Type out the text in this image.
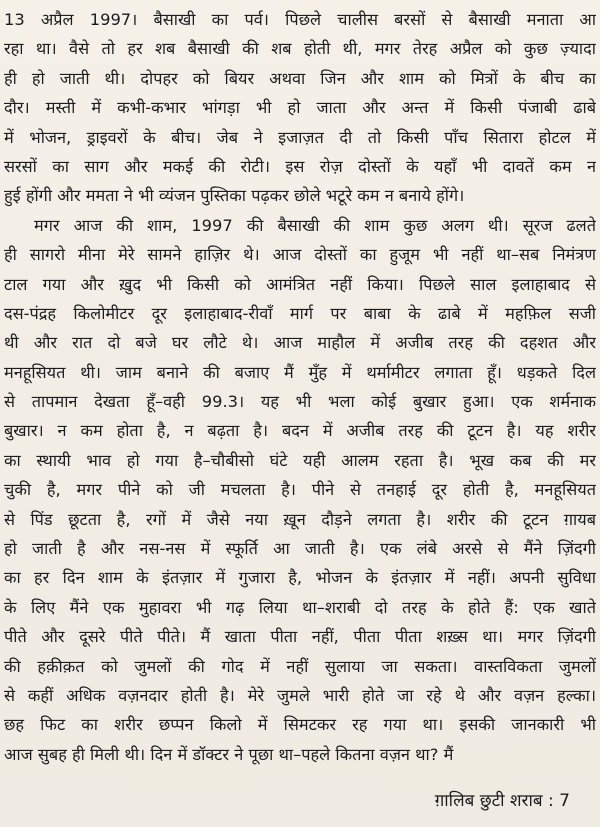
13 अप्रैल 1997। बैसाखी का पर्व। पिछले चालीस बरसों से बैसाखी मनाता आ
रहा था। वैसे तो हर शब बैसाखी की शब होती थी, मगर तेरह अप्रैल को कुछ ज़्यादा
ही हो जाती थी। दोपहर को बियर अथवा जिन और शाम को मित्रों के बीच का
दौर। मस्ती में कभी-कभार भांगड़ा भी हो जाता और अन्त में किसी पंजाबी ढाबे
में भोजन, ड्राइवरों के बीच। जेब ने इजाज़त दी तो किसी पाँच सितारा होटल में
सरसों का साग और मकई की रोटी। इस रोज़ दोस्तों के यहाँ भी दावतें कम न
हुई होंगी और ममता ने भी व्यंजन पुस्तिका पढ़कर छोले भटूरे कम न बनाये होंगे।
मगर आज की शाम, 1997 की बैसाखी की शाम कुछ अलग थी। सूरज ढलते
ही सागरो मीना मेरे सामने हाज़िर थे। आज दोस्तों का हुजूम भी नहीं था–सब निमंत्रण
टाल गया और ख़ुद भी किसी को आमंत्रित नहीं किया। पिछले साल इलाहाबाद से
दस-पंद्रह किलोमीटर दूर इलाहाबाद-रीवाँ मार्ग पर बाबा के ढाबे में महफ़िल सजी
थी और रात दो बजे घर लौटे थे। आज माहौल में अजीब तरह की दहशत और
मनहूसियत थी। जाम बनाने की बजाए मैं मुँह में थर्मामीटर लगाता हूँ। धड़कते दिल
से तापमान देखता हूँ–वही 99.3। यह भी भला कोई बुखार हुआ। एक शर्मनाक
बुखार। न कम होता है, न बढ़ता है। बदन में अजीब तरह की टूटन है। यह शरीर
का स्थायी भाव हो गया है–चौबीसो घंटे यही आलम रहता है। भूख कब की मर
चुकी है, मगर पीने को जी मचलता है। पीने से तनहाई दूर होती है, मनहूसियत
से पिंड छूटता है, रगों में जैसे नया ख़ून दौड़ने लगता है। शरीर की टूटन ग़ायब
हो जाती है और नस-नस में स्फूर्ति आ जाती है। एक लंबे अरसे से मैंने ज़िंदगी
का हर दिन शाम के इंतज़ार में गुजारा है, भोजन के इंतज़ार में नहीं। अपनी सुविधा
के लिए मैंने एक मुहावरा भी गढ़ लिया था–शराबी दो तरह के होते हैं: एक खाते
पीते और दूसरे पीते पीते। मैं खाता पीता नहीं, पीता पीता शख़्स था। मगर ज़िंदगी
की हक़ीक़त को जुमलों की गोद में नहीं सुलाया जा सकता। वास्तविकता जुमलों
से कहीं अधिक वज़नदार होती है। मेरे जुमले भारी होते जा रहे थे और वज़न हल्का।
छह फिट का शरीर छप्पन किलो में सिमटकर रह गया था। इसकी जानकारी भी
आज सुबह ही मिली थी। दिन में डॉक्टर ने पूछा था–पहले कितना वज़न था? मैं
ग़ालिब छुटी शराब : 7
